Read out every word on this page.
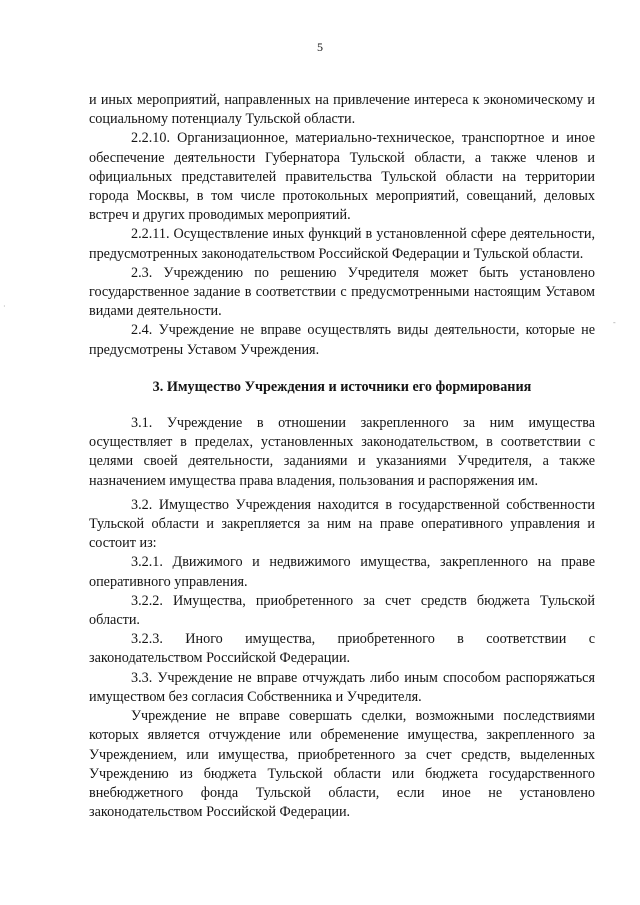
5

и иных мероприятий, направленных на привлечение интереса к экономическому и социальному потенциалу Тульской области.

2.2.10. Организационное, материально-техническое, транспортное и иное обеспечение деятельности Губернатора Тульской области, а также членов и официальных представителей правительства Тульской области на территории города Москвы, в том числе протокольных мероприятий, совещаний, деловых встреч и других проводимых мероприятий.

2.2.11. Осуществление иных функций в установленной сфере деятельности, предусмотренных законодательством Российской Федерации и Тульской области.

2.3. Учреждению по решению Учредителя может быть установлено государственное задание в соответствии с предусмотренными настоящим Уставом видами деятельности.

2.4. Учреждение не вправе осуществлять виды деятельности, которые не предусмотрены Уставом Учреждения.

3. Имущество Учреждения и источники его формирования

3.1. Учреждение в отношении закрепленного за ним имущества осуществляет в пределах, установленных законодательством, в соответствии с целями своей деятельности, заданиями и указаниями Учредителя, а также назначением имущества права владения, пользования и распоряжения им.

3.2. Имущество Учреждения находится в государственной собственности Тульской области и закрепляется за ним на праве оперативного управления и состоит из:

3.2.1. Движимого и недвижимого имущества, закрепленного на праве оперативного управления.

3.2.2. Имущества, приобретенного за счет средств бюджета Тульской области.

3.2.3. Иного имущества, приобретенного в соответствии с законодательством Российской Федерации.

3.3. Учреждение не вправе отчуждать либо иным способом распоряжаться имуществом без согласия Собственника и Учредителя.

Учреждение не вправе совершать сделки, возможными последствиями которых является отчуждение или обременение имущества, закрепленного за Учреждением, или имущества, приобретенного за счет средств, выделенных Учреждению из бюджета Тульской области или бюджета государственного внебюджетного фонда Тульской области, если иное не установлено законодательством Российской Федерации.

·
-
